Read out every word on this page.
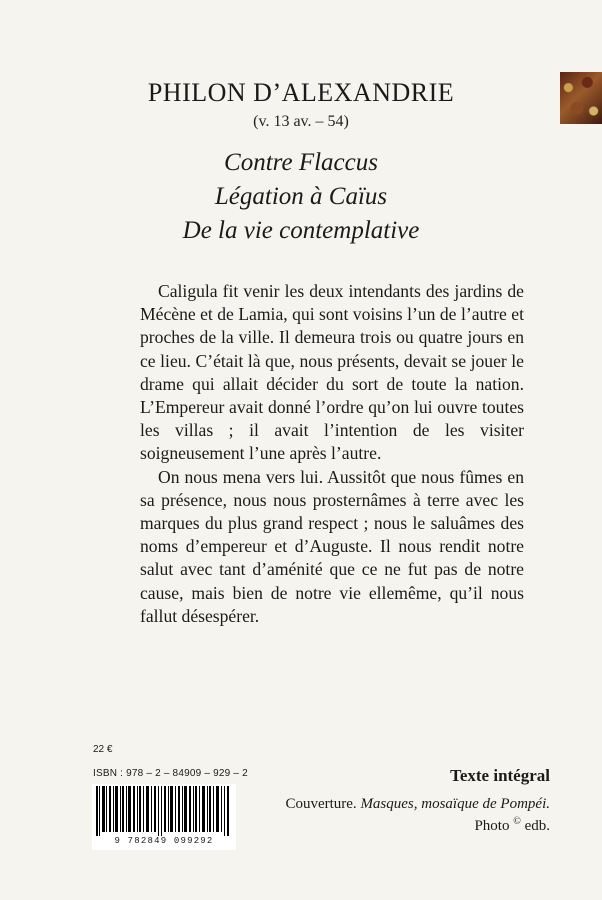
PHILON D’ALEXANDRIE
(v. 13 av. – 54)
Contre Flaccus
Légation à Caïus
De la vie contemplative

Caligula fit venir les deux intendants des jardins de Mécène et de Lamia, qui sont voisins l’un de l’autre et proches de la ville. Il demeura trois ou quatre jours en ce lieu. C’était là que, nous présents, devait se jouer le drame qui allait décider du sort de toute la nation. L’Empereur avait donné l’ordre qu’on lui ouvre toutes les villas ; il avait l’intention de les visiter soigneusement l’une après l’autre.

On nous mena vers lui. Aussitôt que nous fûmes en sa présence, nous nous prosternâmes à terre avec les marques du plus grand respect ; nous le saluâmes des noms d’empereur et d’Auguste. Il nous rendit notre salut avec tant d’aménité que ce ne fut pas de notre cause, mais bien de notre vie ellemême, qu’il nous fallut désespérer.

22 €
ISBN : 978 – 2 – 84909 – 929 – 2
9 782849 099292
Texte intégral
Couverture. Masques, mosaïque de Pompéi.
Photo © edb.
